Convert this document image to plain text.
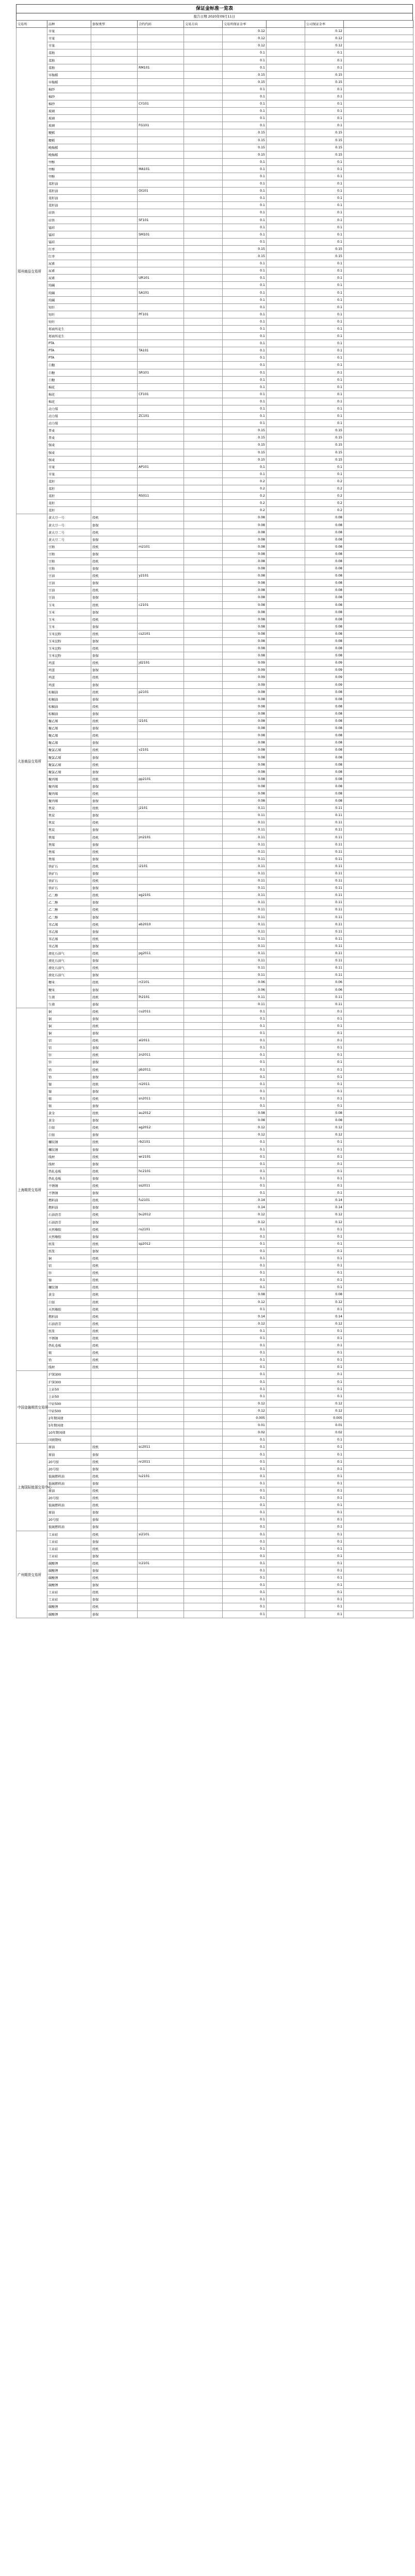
保证金标准一览表
报告日期 2020年09月11日
交易所	品种	套保类型	合约代码	交易方向	交易所保证金率		公司保证金率	
郑州商品交易所	苹果				0.12		0.12	
	苹果				0.12		0.12	
	苹果				0.12		0.12	
	菜粕				0.1		0.1	
	菜粕				0.1		0.1	
	菜粕		RM101		0.1		0.1	
	早籼稻				0.15		0.15	
	早籼稻				0.15		0.15	
	棉纱				0.1		0.1	
	棉纱				0.1		0.1	
	棉纱		CY101		0.1		0.1	
	玻璃				0.1		0.1	
	玻璃				0.1		0.1	
	玻璃		FG101		0.1		0.1	
	粳稻				0.15		0.15	
	粳稻				0.15		0.15	
	晚籼稻				0.15		0.15	
	晚籼稻				0.15		0.15	
	甲醇				0.1		0.1	
	甲醇		MA101		0.1		0.1	
	甲醇				0.1		0.1	
	菜籽油				0.1		0.1	
	菜籽油		OI101		0.1		0.1	
	菜籽油				0.1		0.1	
	菜籽油				0.1		0.1	
	硅铁				0.1		0.1	
	硅铁		SF101		0.1		0.1	
	锰硅				0.1		0.1	
	锰硅		SM101		0.1		0.1	
	锰硅				0.1		0.1	
	红枣				0.15		0.15	
	红枣				0.15		0.15	
	尿素				0.1		0.1	
	尿素				0.1		0.1	
	尿素		UR101		0.1		0.1	
	纯碱				0.1		0.1	
	纯碱		SA101		0.1		0.1	
	纯碱				0.1		0.1	
	短纤				0.1		0.1	
	短纤		PF101		0.1		0.1	
	短纤				0.1		0.1	
	郑商所花生				0.1		0.1	
	郑商所花生				0.1		0.1	
	PTA				0.1		0.1	
	PTA		TA101		0.1		0.1	
	PTA				0.1		0.1	
	白糖				0.1		0.1	
	白糖		SR101		0.1		0.1	
	白糖				0.1		0.1	
	棉花				0.1		0.1	
	棉花		CF101		0.1		0.1	
	棉花				0.1		0.1	
	动力煤				0.1		0.1	
	动力煤		ZC101		0.1		0.1	
	动力煤				0.1		0.1	
	普麦				0.15		0.15	
	普麦				0.15		0.15	
	强麦				0.15		0.15	
	强麦				0.15		0.15	
	强麦				0.15		0.15	
	苹果		AP101		0.1		0.1	
	苹果				0.1		0.1	
	菜籽				0.2		0.2	
	菜籽				0.2		0.2	
	菜籽		RS011		0.2		0.2	
	菜籽				0.2		0.2	
	菜籽				0.2		0.2	
大连商品交易所	黄大豆一号	投机			0.08		0.08	
	黄大豆一号	套保			0.08		0.08	
	黄大豆二号	投机			0.08		0.08	
	黄大豆二号	套保			0.08		0.08	
	豆粕	投机	m2101		0.08		0.08	
	豆粕	套保			0.08		0.08	
	豆粕	投机			0.08		0.08	
	豆粕	套保			0.08		0.08	
	豆油	投机	y2101		0.08		0.08	
	豆油	套保			0.08		0.08	
	豆油	投机			0.08		0.08	
	豆油	套保			0.08		0.08	
	玉米	投机	c2101		0.08		0.08	
	玉米	套保			0.08		0.08	
	玉米	投机			0.08		0.08	
	玉米	套保			0.08		0.08	
	玉米淀粉	投机	cs2101		0.08		0.08	
	玉米淀粉	套保			0.08		0.08	
	玉米淀粉	投机			0.08		0.08	
	玉米淀粉	套保			0.08		0.08	
	鸡蛋	投机	jd2101		0.09		0.09	
	鸡蛋	套保			0.09		0.09	
	鸡蛋	投机			0.09		0.09	
	鸡蛋	套保			0.09		0.09	
	棕榈油	投机	p2101		0.08		0.08	
	棕榈油	套保			0.08		0.08	
	棕榈油	投机			0.08		0.08	
	棕榈油	套保			0.08		0.08	
	聚乙烯	投机	l2101		0.08		0.08	
	聚乙烯	套保			0.08		0.08	
	聚乙烯	投机			0.08		0.08	
	聚乙烯	套保			0.08		0.08	
	聚氯乙烯	投机	v2101		0.08		0.08	
	聚氯乙烯	套保			0.08		0.08	
	聚氯乙烯	投机			0.08		0.08	
	聚氯乙烯	套保			0.08		0.08	
	聚丙烯	投机	pp2101		0.08		0.08	
	聚丙烯	套保			0.08		0.08	
	聚丙烯	投机			0.08		0.08	
	聚丙烯	套保			0.08		0.08	
	焦炭	投机	j2101		0.11		0.11	
	焦炭	套保			0.11		0.11	
	焦炭	投机			0.11		0.11	
	焦炭	套保			0.11		0.11	
	焦煤	投机	jm2101		0.11		0.11	
	焦煤	套保			0.11		0.11	
	焦煤	投机			0.11		0.11	
	焦煤	套保			0.11		0.11	
	铁矿石	投机	i2101		0.11		0.11	
	铁矿石	套保			0.11		0.11	
	铁矿石	投机			0.11		0.11	
	铁矿石	套保			0.11		0.11	
	乙二醇	投机	eg2101		0.11		0.11	
	乙二醇	套保			0.11		0.11	
	乙二醇	投机			0.11		0.11	
	乙二醇	套保			0.11		0.11	
	苯乙烯	投机	eb2010		0.11		0.11	
	苯乙烯	套保			0.11		0.11	
	苯乙烯	投机			0.11		0.11	
	苯乙烯	套保			0.11		0.11	
	液化石油气	投机	pg2011		0.11		0.11	
	液化石油气	套保			0.11		0.11	
	液化石油气	投机			0.11		0.11	
	液化石油气	套保			0.11		0.11	
	粳米	投机	rr2101		0.06		0.06	
	粳米	套保			0.06		0.06	
	生猪	投机	lh2101		0.11		0.11	
	生猪	套保			0.11		0.11	
上海期货交易所	铜	投机	cu2011		0.1		0.1	
	铜	套保			0.1		0.1	
	铜	投机			0.1		0.1	
	铜	套保			0.1		0.1	
	铝	投机	al2011		0.1		0.1	
	铝	套保			0.1		0.1	
	锌	投机	zn2011		0.1		0.1	
	锌	套保			0.1		0.1	
	铅	投机	pb2011		0.1		0.1	
	铅	套保			0.1		0.1	
	镍	投机	ni2011		0.1		0.1	
	镍	套保			0.1		0.1	
	锡	投机	sn2011		0.1		0.1	
	锡	套保			0.1		0.1	
	黄金	投机	au2012		0.08		0.08	
	黄金	套保			0.08		0.08	
	白银	投机	ag2012		0.12		0.12	
	白银	套保			0.12		0.12	
	螺纹钢	投机	rb2101		0.1		0.1	
	螺纹钢	套保			0.1		0.1	
	线材	投机	wr2101		0.1		0.1	
	线材	套保			0.1		0.1	
	热轧卷板	投机	hc2101		0.1		0.1	
	热轧卷板	套保			0.1		0.1	
	不锈钢	投机	ss2011		0.1		0.1	
	不锈钢	套保			0.1		0.1	
	燃料油	投机	fu2101		0.14		0.14	
	燃料油	套保			0.14		0.14	
	石油沥青	投机	bu2012		0.12		0.12	
	石油沥青	套保			0.12		0.12	
	天然橡胶	投机	ru2101		0.1		0.1	
	天然橡胶	套保			0.1		0.1	
	纸浆	投机	sp2012		0.1		0.1	
	纸浆	套保			0.1		0.1	
	铜	投机			0.1		0.1	
	铝	投机			0.1		0.1	
	锌	投机			0.1		0.1	
	镍	投机			0.1		0.1	
	螺纹钢	投机			0.1		0.1	
	黄金	投机			0.08		0.08	
	白银	投机			0.12		0.12	
	天然橡胶	投机			0.1		0.1	
	燃料油	投机			0.14		0.14	
	石油沥青	投机			0.12		0.12	
	纸浆	投机			0.1		0.1	
	不锈钢	投机			0.1		0.1	
	热轧卷板	投机			0.1		0.1	
	锡	投机			0.1		0.1	
	铅	投机			0.1		0.1	
	线材	投机			0.1		0.1	
中国金融期货交易所	沪深300				0.1		0.1	
	沪深300				0.1		0.1	
	上证50				0.1		0.1	
	上证50				0.1		0.1	
	中证500				0.12		0.12	
	中证500				0.12		0.12	
	2年期国债				0.005		0.005	
	5年期国债				0.01		0.01	
	10年期国债				0.02		0.02	
	国债期权				0.1		0.1	
上海国际能源交易中心	原油	投机	sc2011		0.1		0.1	
	原油	套保			0.1		0.1	
	20号胶	投机	nr2011		0.1		0.1	
	20号胶	套保			0.1		0.1	
	低硫燃料油	投机	lu2101		0.1		0.1	
	低硫燃料油	套保			0.1		0.1	
	原油	投机			0.1		0.1	
	20号胶	投机			0.1		0.1	
	低硫燃料油	投机			0.1		0.1	
	原油	套保			0.1		0.1	
	20号胶	套保			0.1		0.1	
	低硫燃料油	套保			0.1		0.1	
广州期货交易所	工业硅	投机	si2101		0.1		0.1	
	工业硅	套保			0.1		0.1	
	工业硅	投机			0.1		0.1	
	工业硅	套保			0.1		0.1	
	碳酸锂	投机	lc2101		0.1		0.1	
	碳酸锂	套保			0.1		0.1	
	碳酸锂	投机			0.1		0.1	
	碳酸锂	套保			0.1		0.1	
	工业硅	投机			0.1		0.1	
	工业硅	套保			0.1		0.1	
	碳酸锂	投机			0.1		0.1	
	碳酸锂	套保			0.1		0.1	
